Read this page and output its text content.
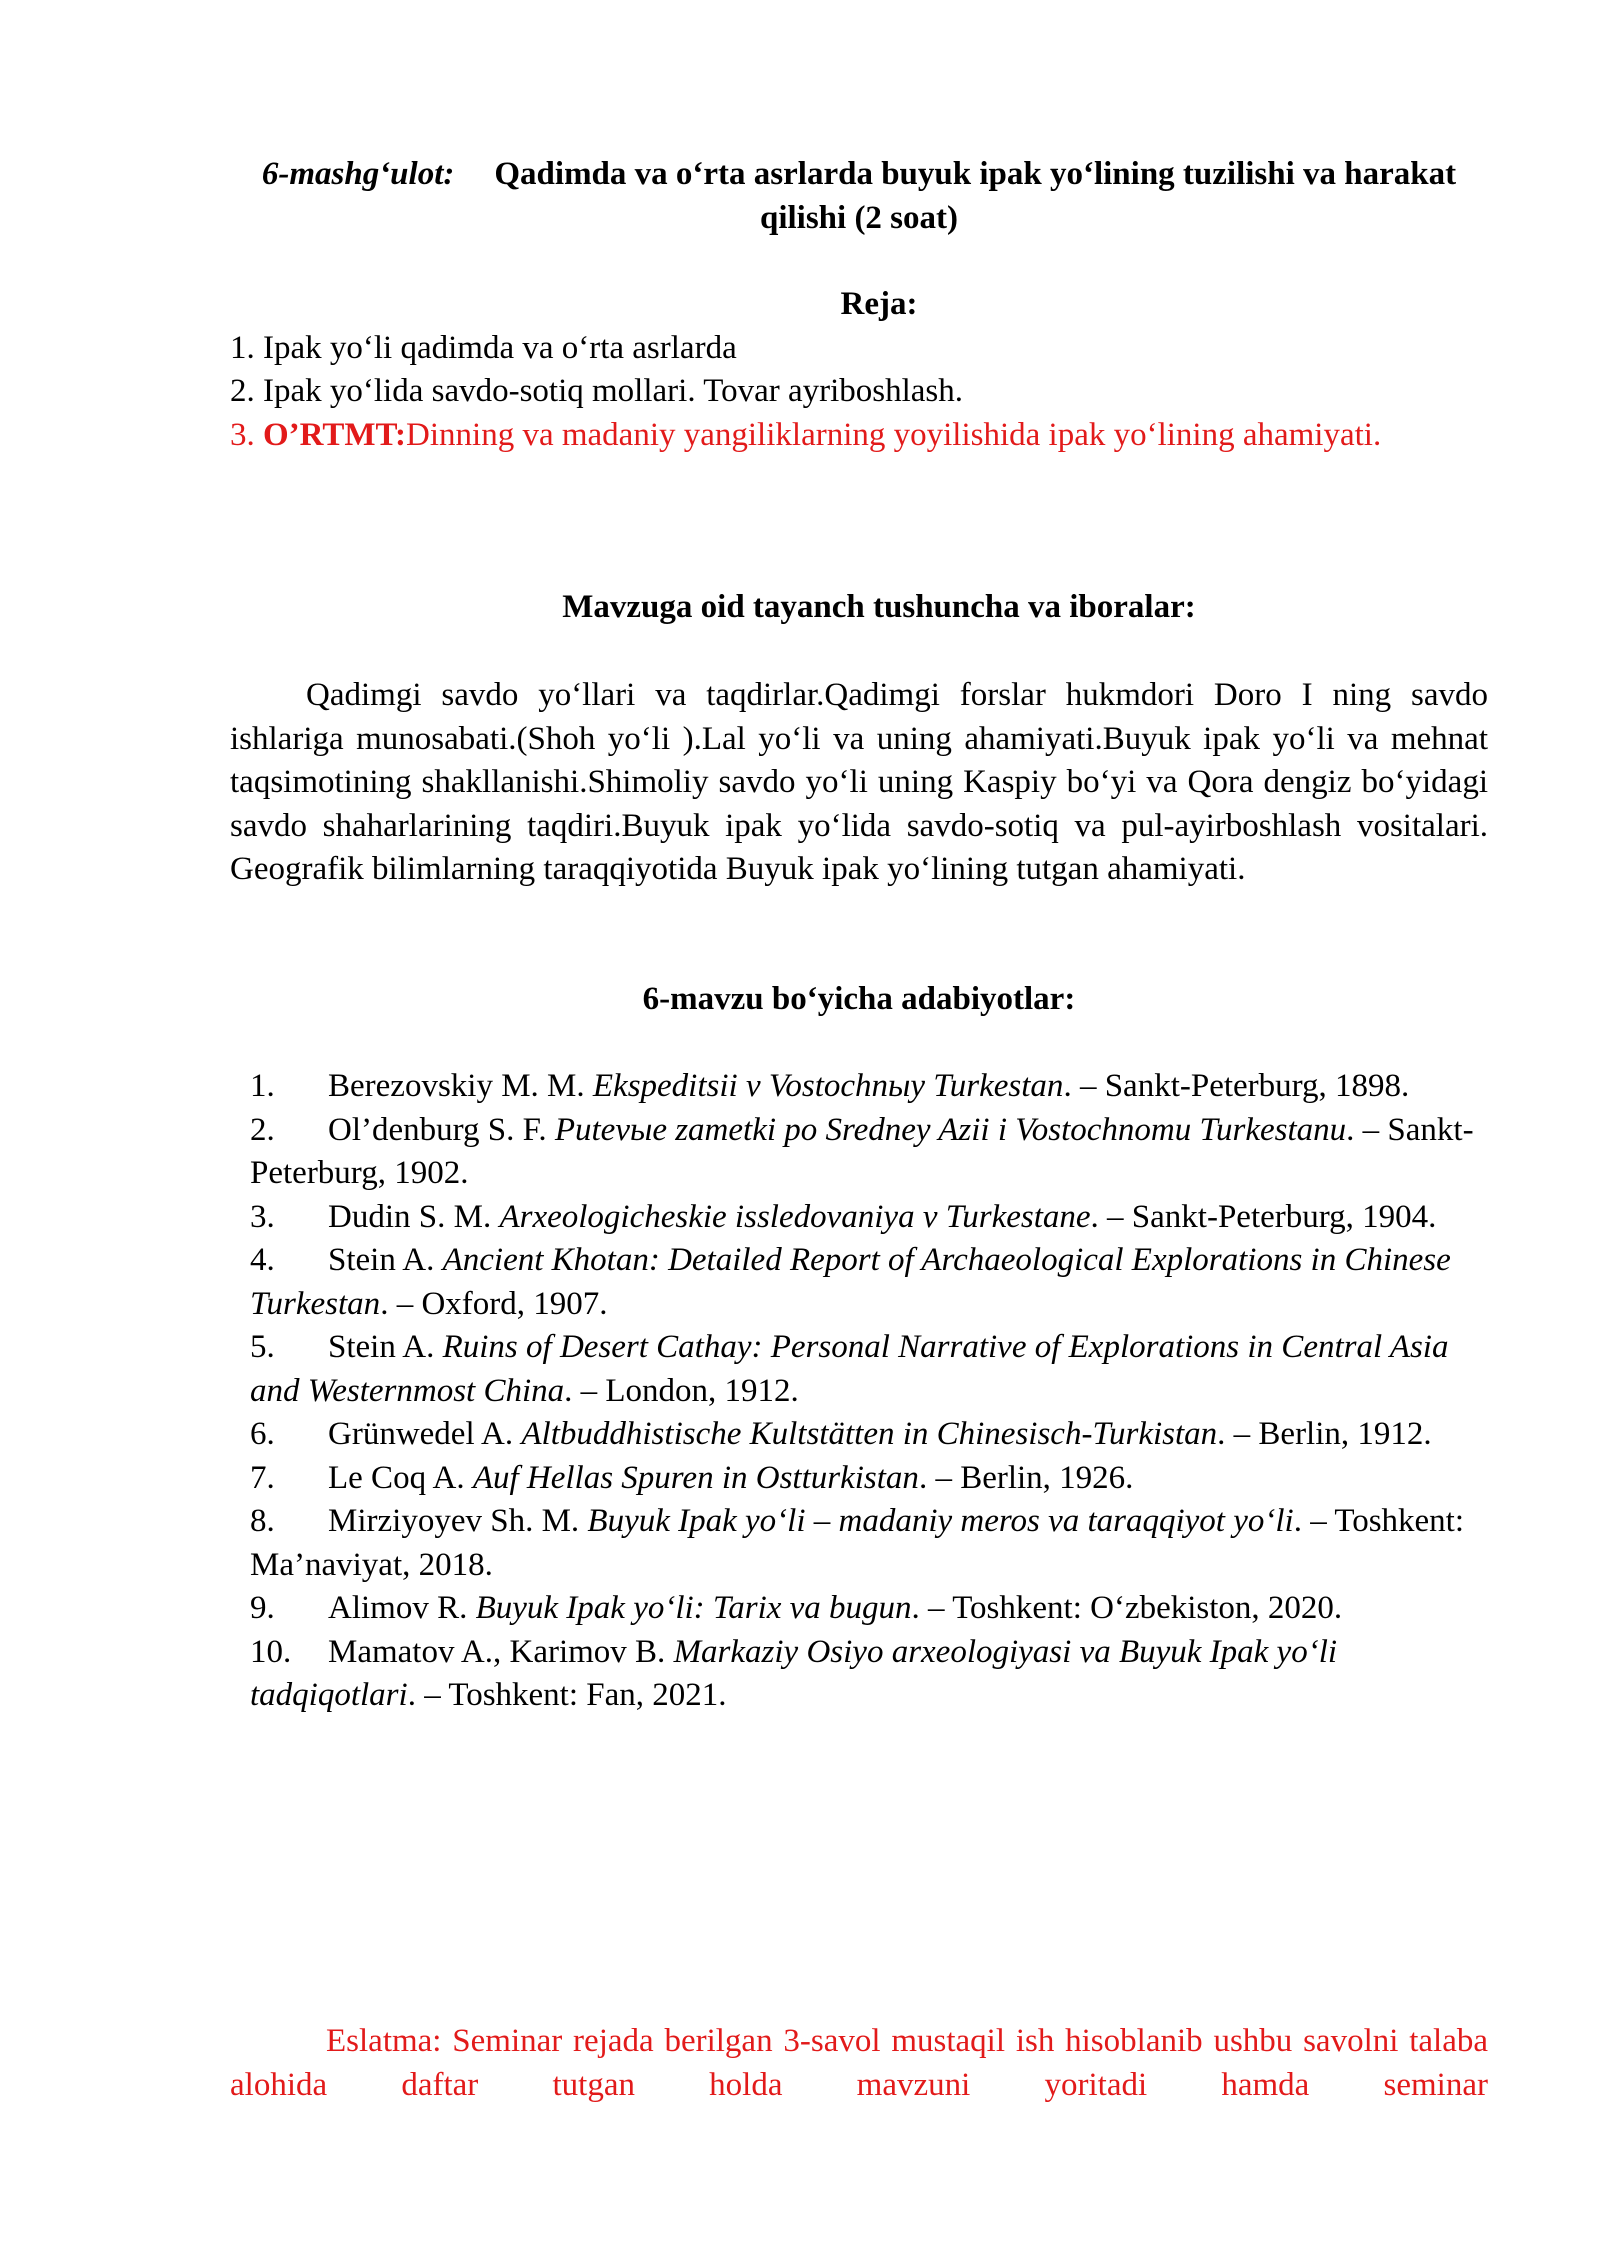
6-mashg‘ulot: Qadimda va o‘rta asrlarda buyuk ipak yo‘lining tuzilishi va harakat qilishi (2 soat)
Reja:
1. Ipak yo‘li qadimda va o‘rta asrlarda
2. Ipak yo‘lida savdo-sotiq mollari. Tovar ayriboshlash.
3. O’RTMT:Dinning va madaniy yangiliklarning yoyilishida ipak yo‘lining ahamiyati.
Mavzuga oid tayanch tushuncha va iboralar:
Qadimgi savdo yo‘llari va taqdirlar.Qadimgi forslar hukmdori Doro I ning savdo ishlariga munosabati.(Shoh yo‘li ).Lal yo‘li va uning ahamiyati.Buyuk ipak yo‘li va mehnat taqsimotining shakllanishi.Shimoliy savdo yo‘li uning Kaspiy bo‘yi va Qora dengiz bo‘yidagi savdo shaharlarining taqdiri.Buyuk ipak yo‘lida savdo-sotiq va pul-ayirboshlash vositalari. Geografik bilimlarning taraqqiyotida Buyuk ipak yo‘lining tutgan ahamiyati.
6-mavzu bo‘yicha adabiyotlar:
1. Berezovskiy M. M. Ekspeditsii v Vostochnыy Turkestan. – Sankt-Peterburg, 1898.
2. Ol’denburg S. F. Putevыe zametki po Sredney Azii i Vostochnomu Turkestanu. – Sankt-Peterburg, 1902.
3. Dudin S. M. Arxeologicheskie issledovaniya v Turkestane. – Sankt-Peterburg, 1904.
4. Stein A. Ancient Khotan: Detailed Report of Archaeological Explorations in Chinese Turkestan. – Oxford, 1907.
5. Stein A. Ruins of Desert Cathay: Personal Narrative of Explorations in Central Asia and Westernmost China. – London, 1912.
6. Grünwedel A. Altbuddhistische Kultstätten in Chinesisch-Turkistan. – Berlin, 1912.
7. Le Coq A. Auf Hellas Spuren in Ostturkistan. – Berlin, 1926.
8. Mirziyoyev Sh. M. Buyuk Ipak yo‘li – madaniy meros va taraqqiyot yo‘li. – Toshkent: Ma’naviyat, 2018.
9. Alimov R. Buyuk Ipak yo‘li: Tarix va bugun. – Toshkent: O‘zbekiston, 2020.
10. Mamatov A., Karimov B. Markaziy Osiyo arxeologiyasi va Buyuk Ipak yo‘li tadqiqotlari. – Toshkent: Fan, 2021.
Eslatma: Seminar rejada berilgan 3-savol mustaqil ish hisoblanib ushbu savolni talaba alohida daftar tutgan holda mavzuni yoritadi hamda seminar
